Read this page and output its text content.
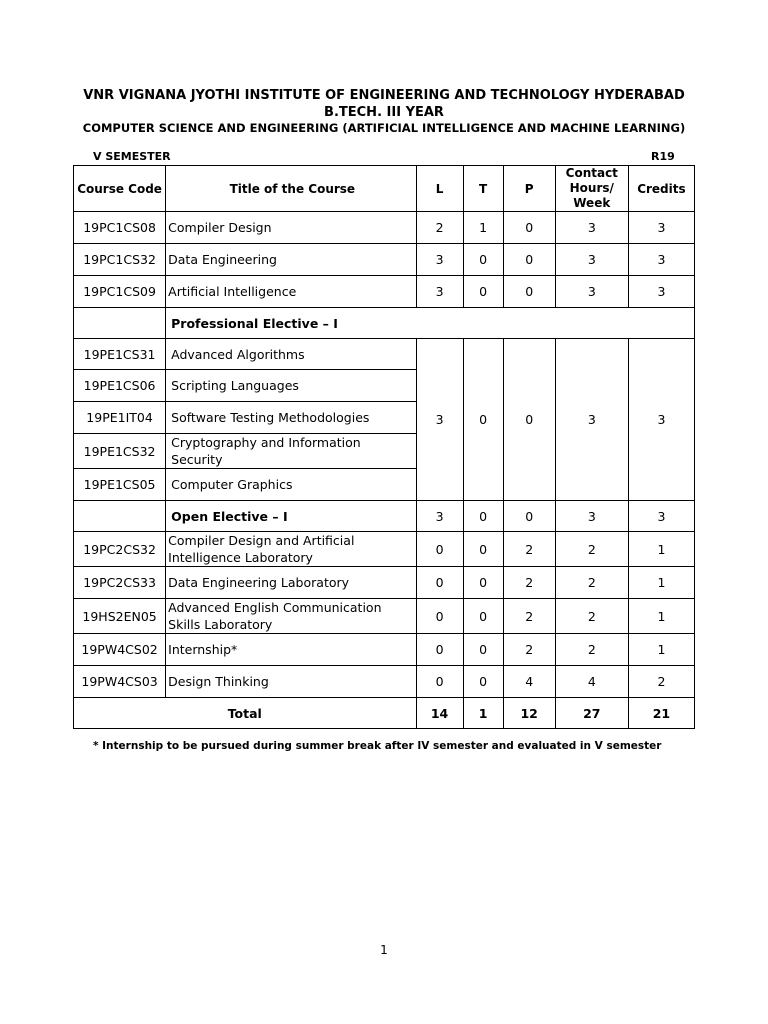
VNR VIGNANA JYOTHI INSTITUTE OF ENGINEERING AND TECHNOLOGY HYDERABAD
B.TECH. III YEAR
COMPUTER SCIENCE AND ENGINEERING (ARTIFICIAL INTELLIGENCE AND MACHINE LEARNING)
V SEMESTER	R19
Course Code	Title of the Course	L	T	P	Contact Hours/ Week	Credits
19PC1CS08	Compiler Design	2	1	0	3	3
19PC1CS32	Data Engineering	3	0	0	3	3
19PC1CS09	Artificial Intelligence	3	0	0	3	3
	Professional Elective – I					
19PE1CS31	Advanced Algorithms	3	0	0	3	3
19PE1CS06	Scripting Languages					
19PE1IT04	Software Testing Methodologies					
19PE1CS32	Cryptography and Information Security					
19PE1CS05	Computer Graphics					
	Open Elective – I	3	0	0	3	3
19PC2CS32	Compiler Design and Artificial Intelligence Laboratory	0	0	2	2	1
19PC2CS33	Data Engineering Laboratory	0	0	2	2	1
19HS2EN05	Advanced English Communication Skills Laboratory	0	0	2	2	1
19PW4CS02	Internship*	0	0	2	2	1
19PW4CS03	Design Thinking	0	0	4	4	2
Total		14	1	12	27	21
* Internship to be pursued during summer break after IV semester and evaluated in V semester
1
